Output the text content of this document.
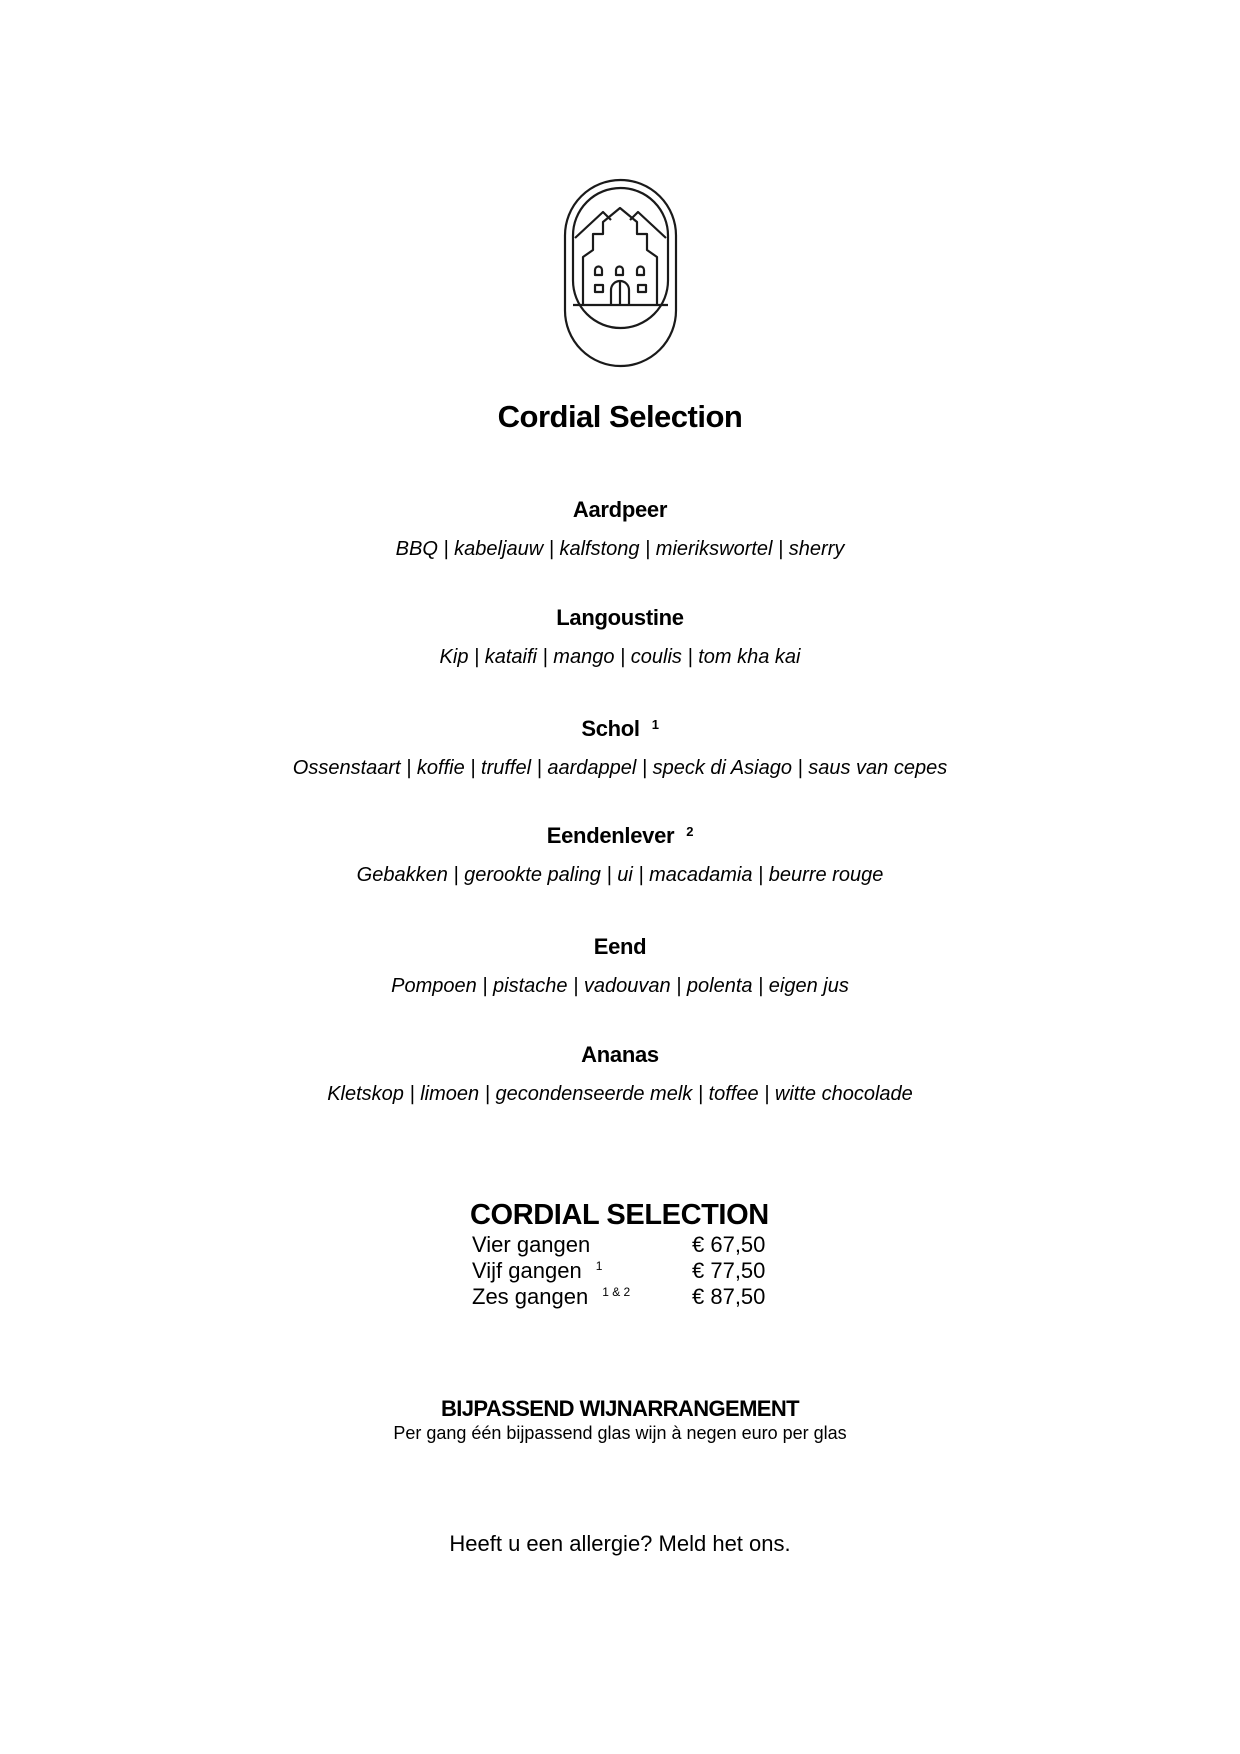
Cordial Selection
Aardpeer
BBQ | kabeljauw | kalfstong | mierikswortel | sherry
Langoustine
Kip | kataifi | mango | coulis | tom kha kai
Schol $^1$
Ossenstaart | koffie | truffel | aardappel | speck di Asiago | saus van cepes
Eendenlever $^2$
Gebakken | gerookte paling | ui | macadamia | beurre rouge
Eend
Pompoen | pistache | vadouvan | polenta | eigen jus
Ananas
Kletskop | limoen | gecondenseerde melk | toffee | witte chocolade
CORDIAL SELECTION
Vier gangen	€ 67,50
Vijf gangen $^1$	€ 77,50
Zes gangen $^{1 \& 2}$	€ 87,50
BIJPASSEND WIJNARRANGEMENT
Per gang één bijpassend glas wijn à negen euro per glas
Heeft u een allergie? Meld het ons.
